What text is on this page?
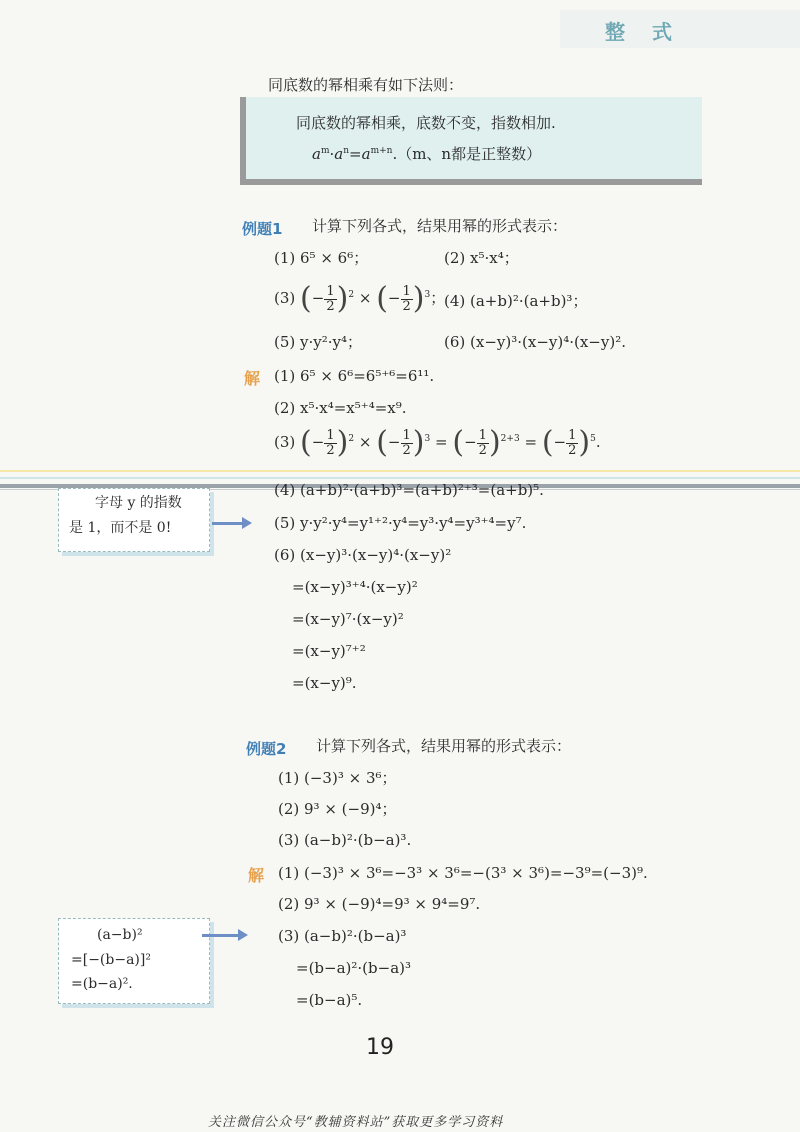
整 式
同底数的幂相乘有如下法则：
同底数的幂相乘，底数不变，指数相加.
$a^m\cdot a^n=a^{m+n}.(m$、n都是正整数）
例题1 计算下列各式，结果用幂的形式表示：
(1) 6⁵ × 6⁶；	(2) x⁵·x⁴；
(3) (− $\frac{1}{2} )^2$ × (− $\frac{1}{2} )^3$；
(4) (a+b)²·(a+b)³；
(5) y·y²·y⁴；	(6) (x−y)³·(x−y)⁴·(x−y)².
解 (1) 6⁵ × 6⁶=6⁵⁺⁶=6¹¹.
(2) x⁵·x⁴=x⁵⁺⁴=x⁹.
(3) (− $\frac{1}{2} )^2$ × (− $\frac{1}{2} )^3$ = (− $\frac{1}{2} )^{2+3}$ = (− $\frac{1}{2} )^5$.
(4) (a+b)²·(a+b)³=(a+b)²⁺³=(a+b)⁵.
字母 y 的指数
是 1，而不是 0!	(5) y·y²·y⁴=y¹⁺²·y⁴=y³·y⁴=y³⁺⁴=y⁷.
(6) (x−y)³·(x−y)⁴·(x−y)²
=(x−y)³⁺⁴·(x−y)²
=(x−y)⁷·(x−y)²
=(x−y)⁷⁺²
=(x−y)⁹.
例题2 计算下列各式，结果用幂的形式表示：
(1) (−3)³ × 3⁶；
(2) 9³ × (−9)⁴；
(3) (a−b)²·(b−a)³.
解 (1) (−3)³ × 3⁶=−3³ × 3⁶=−(3³ × 3⁶)=−3⁹=(−3)⁹.
(2) 9³ × (−9)⁴=9³ × 9⁴=9⁷.
(3) (a−b)²·(b−a)³
=(b−a)²·(b−a)³
=(b−a)⁵.
(a−b)²
=[−(b−a)]²
=(b−a)².
19
关注微信公众号“教辅资料站”获取更多学习资料
